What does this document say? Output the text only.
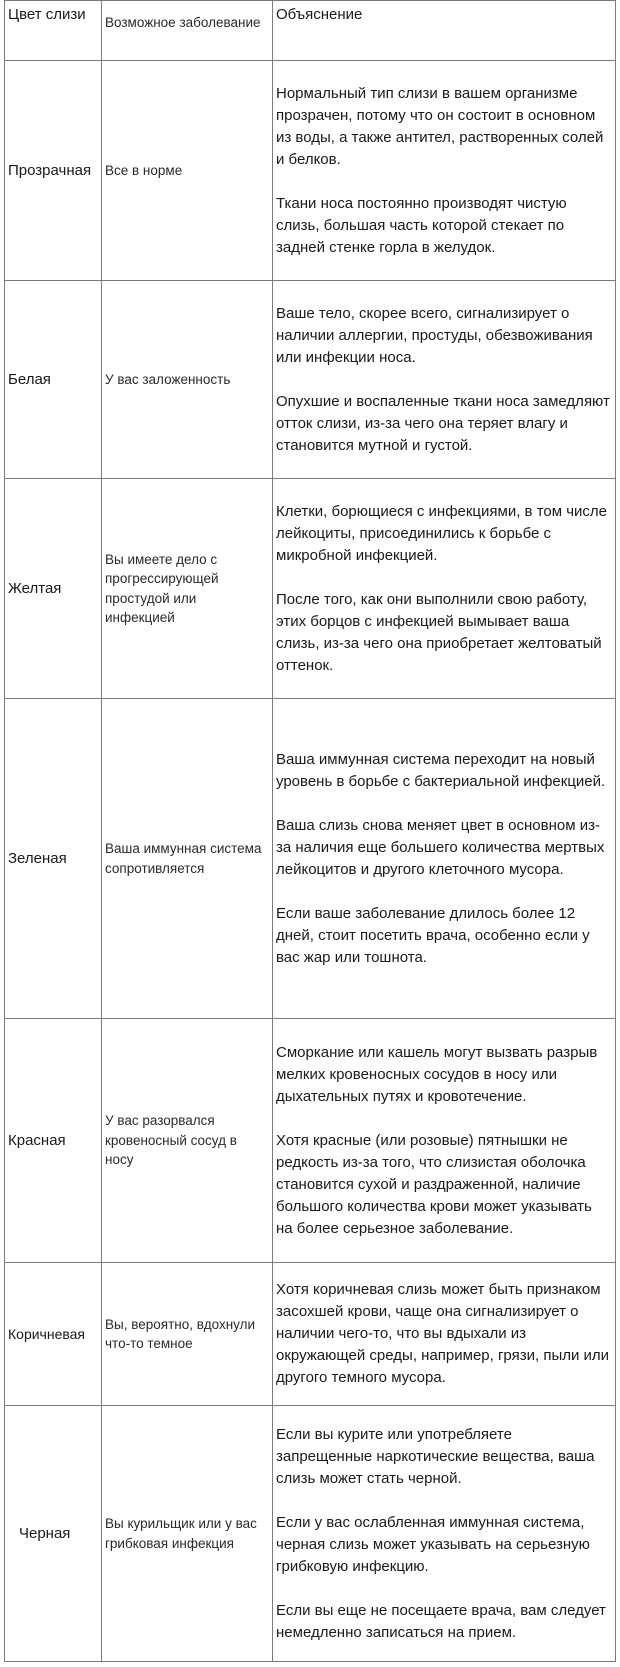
Цвет слизи	Возможное заболевание	Объяснение
Прозрачная	Все в норме	Нормальный тип слизи в вашем организме прозрачен, потому что он состоит в основном из воды, а также антител, растворенных солей и белков.

Ткани носа постоянно производят чистую слизь, большая часть которой стекает по задней стенке горла в желудок.

Белая	У вас заложенность	Ваше тело, скорее всего, сигнализирует о наличии аллергии, простуды, обезвоживания или инфекции носа.

Опухшие и воспаленные ткани носа замедляют отток слизи, из-за чего она теряет влагу и становится мутной и густой.

Желтая	Вы имеете дело с прогрессирующей простудой или инфекцией	Клетки, борющиеся с инфекциями, в том числе лейкоциты, присоединились к борьбе с микробной инфекцией.

После того, как они выполнили свою работу, этих борцов с инфекцией вымывает ваша слизь, из-за чего она приобретает желтоватый оттенок.

Зеленая	Ваша иммунная система сопротивляется	Ваша иммунная система переходит на новый уровень в борьбе с бактериальной инфекцией.

Ваша слизь снова меняет цвет в основном из-за наличия еще большего количества мертвых лейкоцитов и другого клеточного мусора.

Если ваше заболевание длилось более 12 дней, стоит посетить врача, особенно если у вас жар или тошнота.

Красная	У вас разорвался кровеносный сосуд в носу	Сморкание или кашель могут вызвать разрыв мелких кровеносных сосудов в носу или дыхательных путях и кровотечение.

Хотя красные (или розовые) пятнышки не редкость из-за того, что слизистая оболочка становится сухой и раздраженной, наличие большого количества крови может указывать на более серьезное заболевание.

Коричневая	Вы, вероятно, вдохнули что-то темное	Хотя коричневая слизь может быть признаком засохшей крови, чаще она сигнализирует о наличии чего-то, что вы вдыхали из окружающей среды, например, грязи, пыли или другого темного мусора.

Черная	Вы курильщик или у вас грибковая инфекция	Если вы курите или употребляете запрещенные наркотические вещества, ваша слизь может стать черной.

Если у вас ослабленная иммунная система, черная слизь может указывать на серьезную грибковую инфекцию.

Если вы еще не посещаете врача, вам следует немедленно записаться на прием.
